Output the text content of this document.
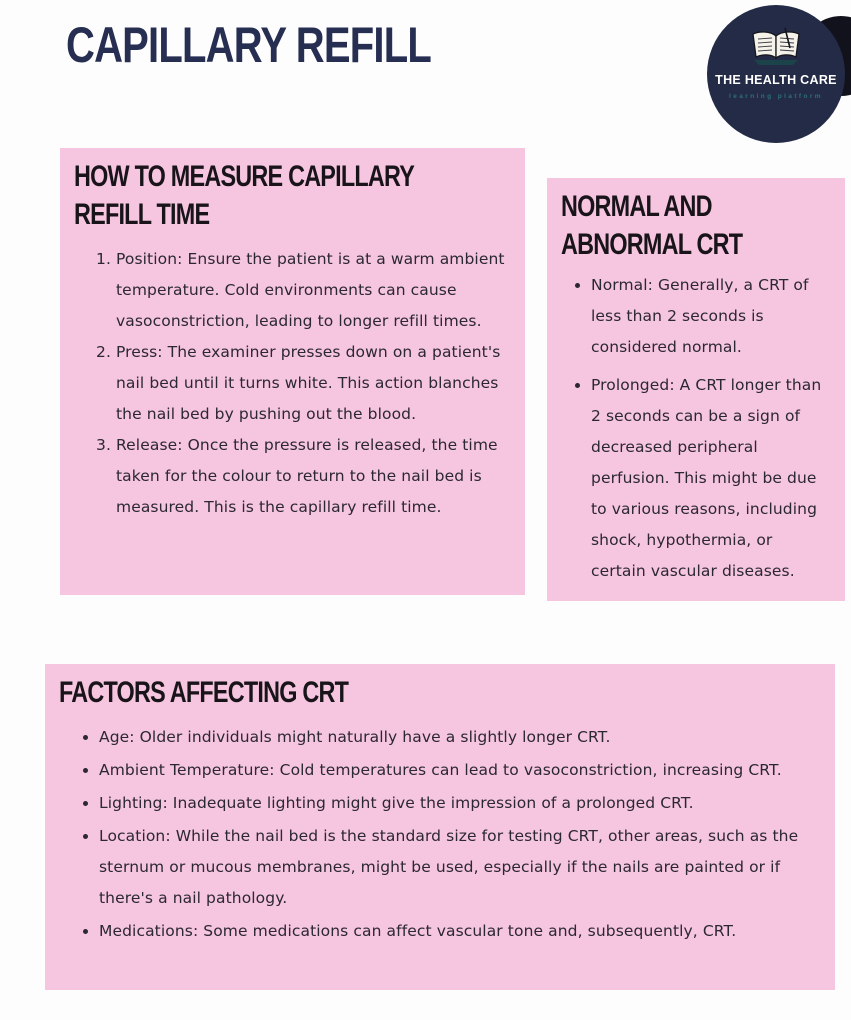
CAPILLARY REFILL
THE HEALTH CARE
learning platform
HOW TO MEASURE CAPILLARY REFILL TIME
1. Position: Ensure the patient is at a warm ambient temperature. Cold environments can cause vasoconstriction, leading to longer refill times.
2. Press: The examiner presses down on a patient's nail bed until it turns white. This action blanches the nail bed by pushing out the blood.
3. Release: Once the pressure is released, the time taken for the colour to return to the nail bed is measured. This is the capillary refill time.
NORMAL AND ABNORMAL CRT
• Normal: Generally, a CRT of less than 2 seconds is considered normal.
• Prolonged: A CRT longer than 2 seconds can be a sign of decreased peripheral perfusion. This might be due to various reasons, including shock, hypothermia, or certain vascular diseases.
FACTORS AFFECTING CRT
• Age: Older individuals might naturally have a slightly longer CRT.
• Ambient Temperature: Cold temperatures can lead to vasoconstriction, increasing CRT.
• Lighting: Inadequate lighting might give the impression of a prolonged CRT.
• Location: While the nail bed is the standard size for testing CRT, other areas, such as the sternum or mucous membranes, might be used, especially if the nails are painted or if there's a nail pathology.
• Medications: Some medications can affect vascular tone and, subsequently, CRT.
